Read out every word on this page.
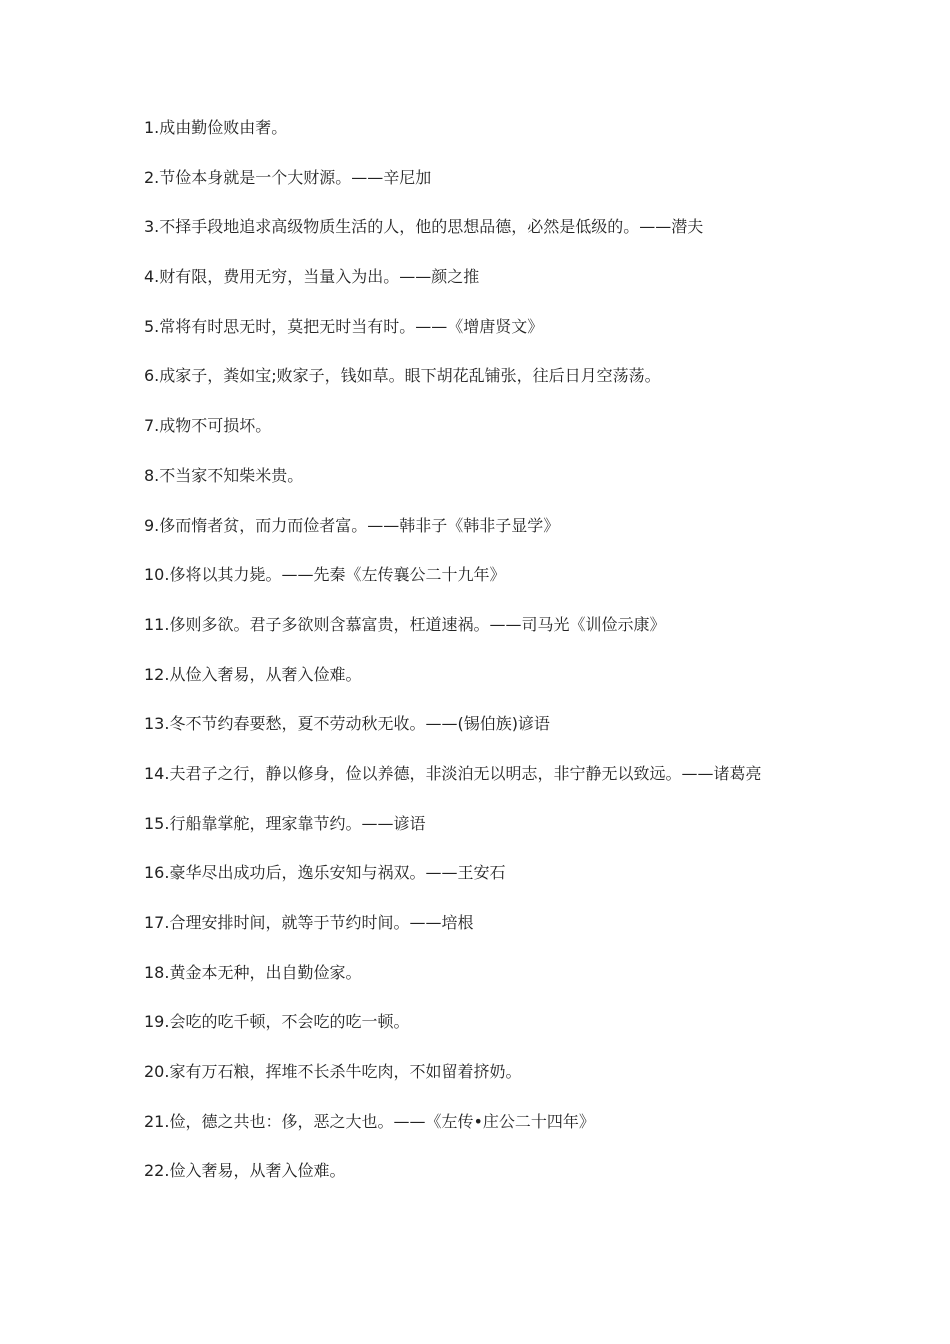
1.成由勤俭败由奢。
2.节俭本身就是一个大财源。——辛尼加
3.不择手段地追求高级物质生活的人，他的思想品德，必然是低级的。——潜夫
4.财有限，费用无穷，当量入为出。——颜之推
5.常将有时思无时，莫把无时当有时。——《增唐贤文》
6.成家子，粪如宝;败家子，钱如草。眼下胡花乱铺张，往后日月空荡荡。
7.成物不可损坏。
8.不当家不知柴米贵。
9.侈而惰者贫，而力而俭者富。——韩非子《韩非子显学》
10.侈将以其力毙。——先秦《左传襄公二十九年》
11.侈则多欲。君子多欲则含慕富贵，枉道速祸。——司马光《训俭示康》
12.从俭入奢易，从奢入俭难。
13.冬不节约春要愁，夏不劳动秋无收。——(锡伯族)谚语
14.夫君子之行，静以修身，俭以养德，非淡泊无以明志，非宁静无以致远。——诸葛亮
15.行船靠掌舵，理家靠节约。——谚语
16.豪华尽出成功后，逸乐安知与祸双。——王安石
17.合理安排时间，就等于节约时间。——培根
18.黄金本无种，出自勤俭家。
19.会吃的吃千顿，不会吃的吃一顿。
20.家有万石粮，挥堆不长杀牛吃肉，不如留着挤奶。
21.俭，德之共也：侈，恶之大也。——《左传•庄公二十四年》
22.俭入奢易，从奢入俭难。
